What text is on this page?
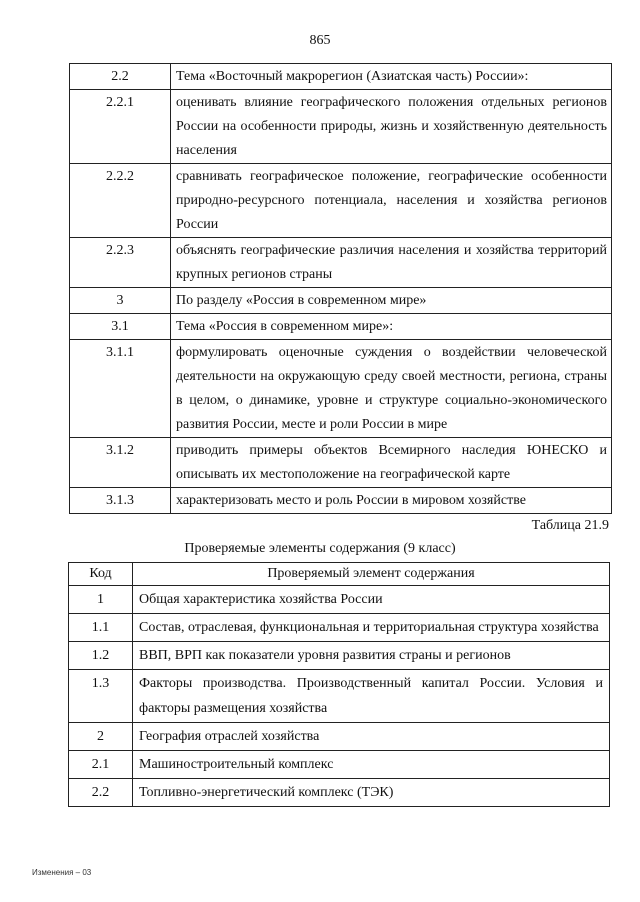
865
2.2	Тема «Восточный макрорегион (Азиатская часть) России»:
2.2.1	оценивать влияние географического положения отдельных регионов России на особенности природы, жизнь и хозяйственную деятельность населения
2.2.2	сравнивать географическое положение, географические особенности природно-ресурсного потенциала, населения и хозяйства регионов России
2.2.3	объяснять географические различия населения и хозяйства территорий крупных регионов страны
3	По разделу «Россия в современном мире»
3.1	Тема «Россия в современном мире»:
3.1.1	формулировать оценочные суждения о воздействии человеческой деятельности на окружающую среду своей местности, региона, страны в целом, о динамике, уровне и структуре социально-экономического развития России, месте и роли России в мире
3.1.2	приводить примеры объектов Всемирного наследия ЮНЕСКО и описывать их местоположение на географической карте
3.1.3	характеризовать место и роль России в мировом хозяйстве
Таблица 21.9
Проверяемые элементы содержания (9 класс)
Код	Проверяемый элемент содержания
1	Общая характеристика хозяйства России
1.1	Состав, отраслевая, функциональная и территориальная структура хозяйства
1.2	ВВП, ВРП как показатели уровня развития страны и регионов
1.3	Факторы производства. Производственный капитал России. Условия и факторы размещения хозяйства
2	География отраслей хозяйства
2.1	Машиностроительный комплекс
2.2	Топливно-энергетический комплекс (ТЭК)
Изменения – 03
